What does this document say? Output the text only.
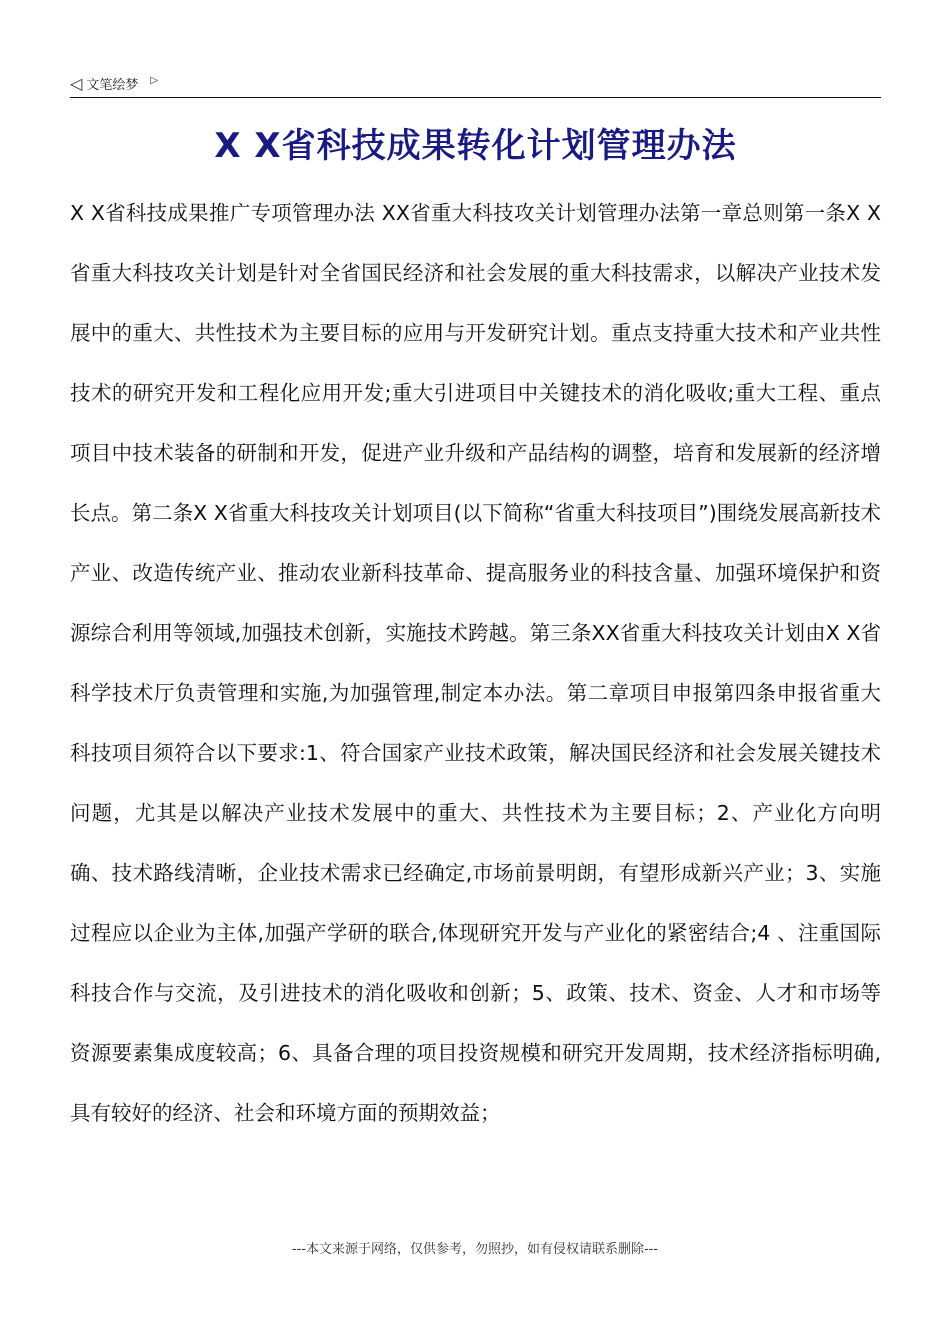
◁ 文笔绘梦 ▷
X X省科技成果转化计划管理办法

X X省科技成果推广专项管理办法 XX省重大科技攻关计划管理办法第一章总则第一条X X省重大科技攻关计划是针对全省国民经济和社会发展的重大科技需求，以解决产业技术发展中的重大、共性技术为主要目标的应用与开发研究计划。重点支持重大技术和产业共性技术的研究开发和工程化应用开发;重大引进项目中关键技术的消化吸收;重大工程、重点项目中技术装备的研制和开发，促进产业升级和产品结构的调整，培育和发展新的经济增长点。第二条X X省重大科技攻关计划项目(以下简称“省重大科技项目”)围绕发展高新技术产业、改造传统产业、推动农业新科技革命、提高服务业的科技含量、加强环境保护和资源综合利用等领域,加强技术创新，实施技术跨越。第三条XX省重大科技攻关计划由X X省科学技术厅负责管理和实施,为加强管理,制定本办法。第二章项目申报第四条申报省重大科技项目须符合以下要求:1、符合国家产业技术政策，解决国民经济和社会发展关键技术问题，尤其是以解决产业技术发展中的重大、共性技术为主要目标；2、产业化方向明确、技术路线清晰，企业技术需求已经确定,市场前景明朗，有望形成新兴产业；3、实施过程应以企业为主体,加强产学研的联合,体现研究开发与产业化的紧密结合;4 、注重国际科技合作与交流，及引进技术的消化吸收和创新；5、政策、技术、资金、人才和市场等资源要素集成度较高；6、具备合理的项目投资规模和研究开发周期，技术经济指标明确,具有较好的经济、社会和环境方面的预期效益；

---本文来源于网络，仅供参考，勿照抄，如有侵权请联系删除---
